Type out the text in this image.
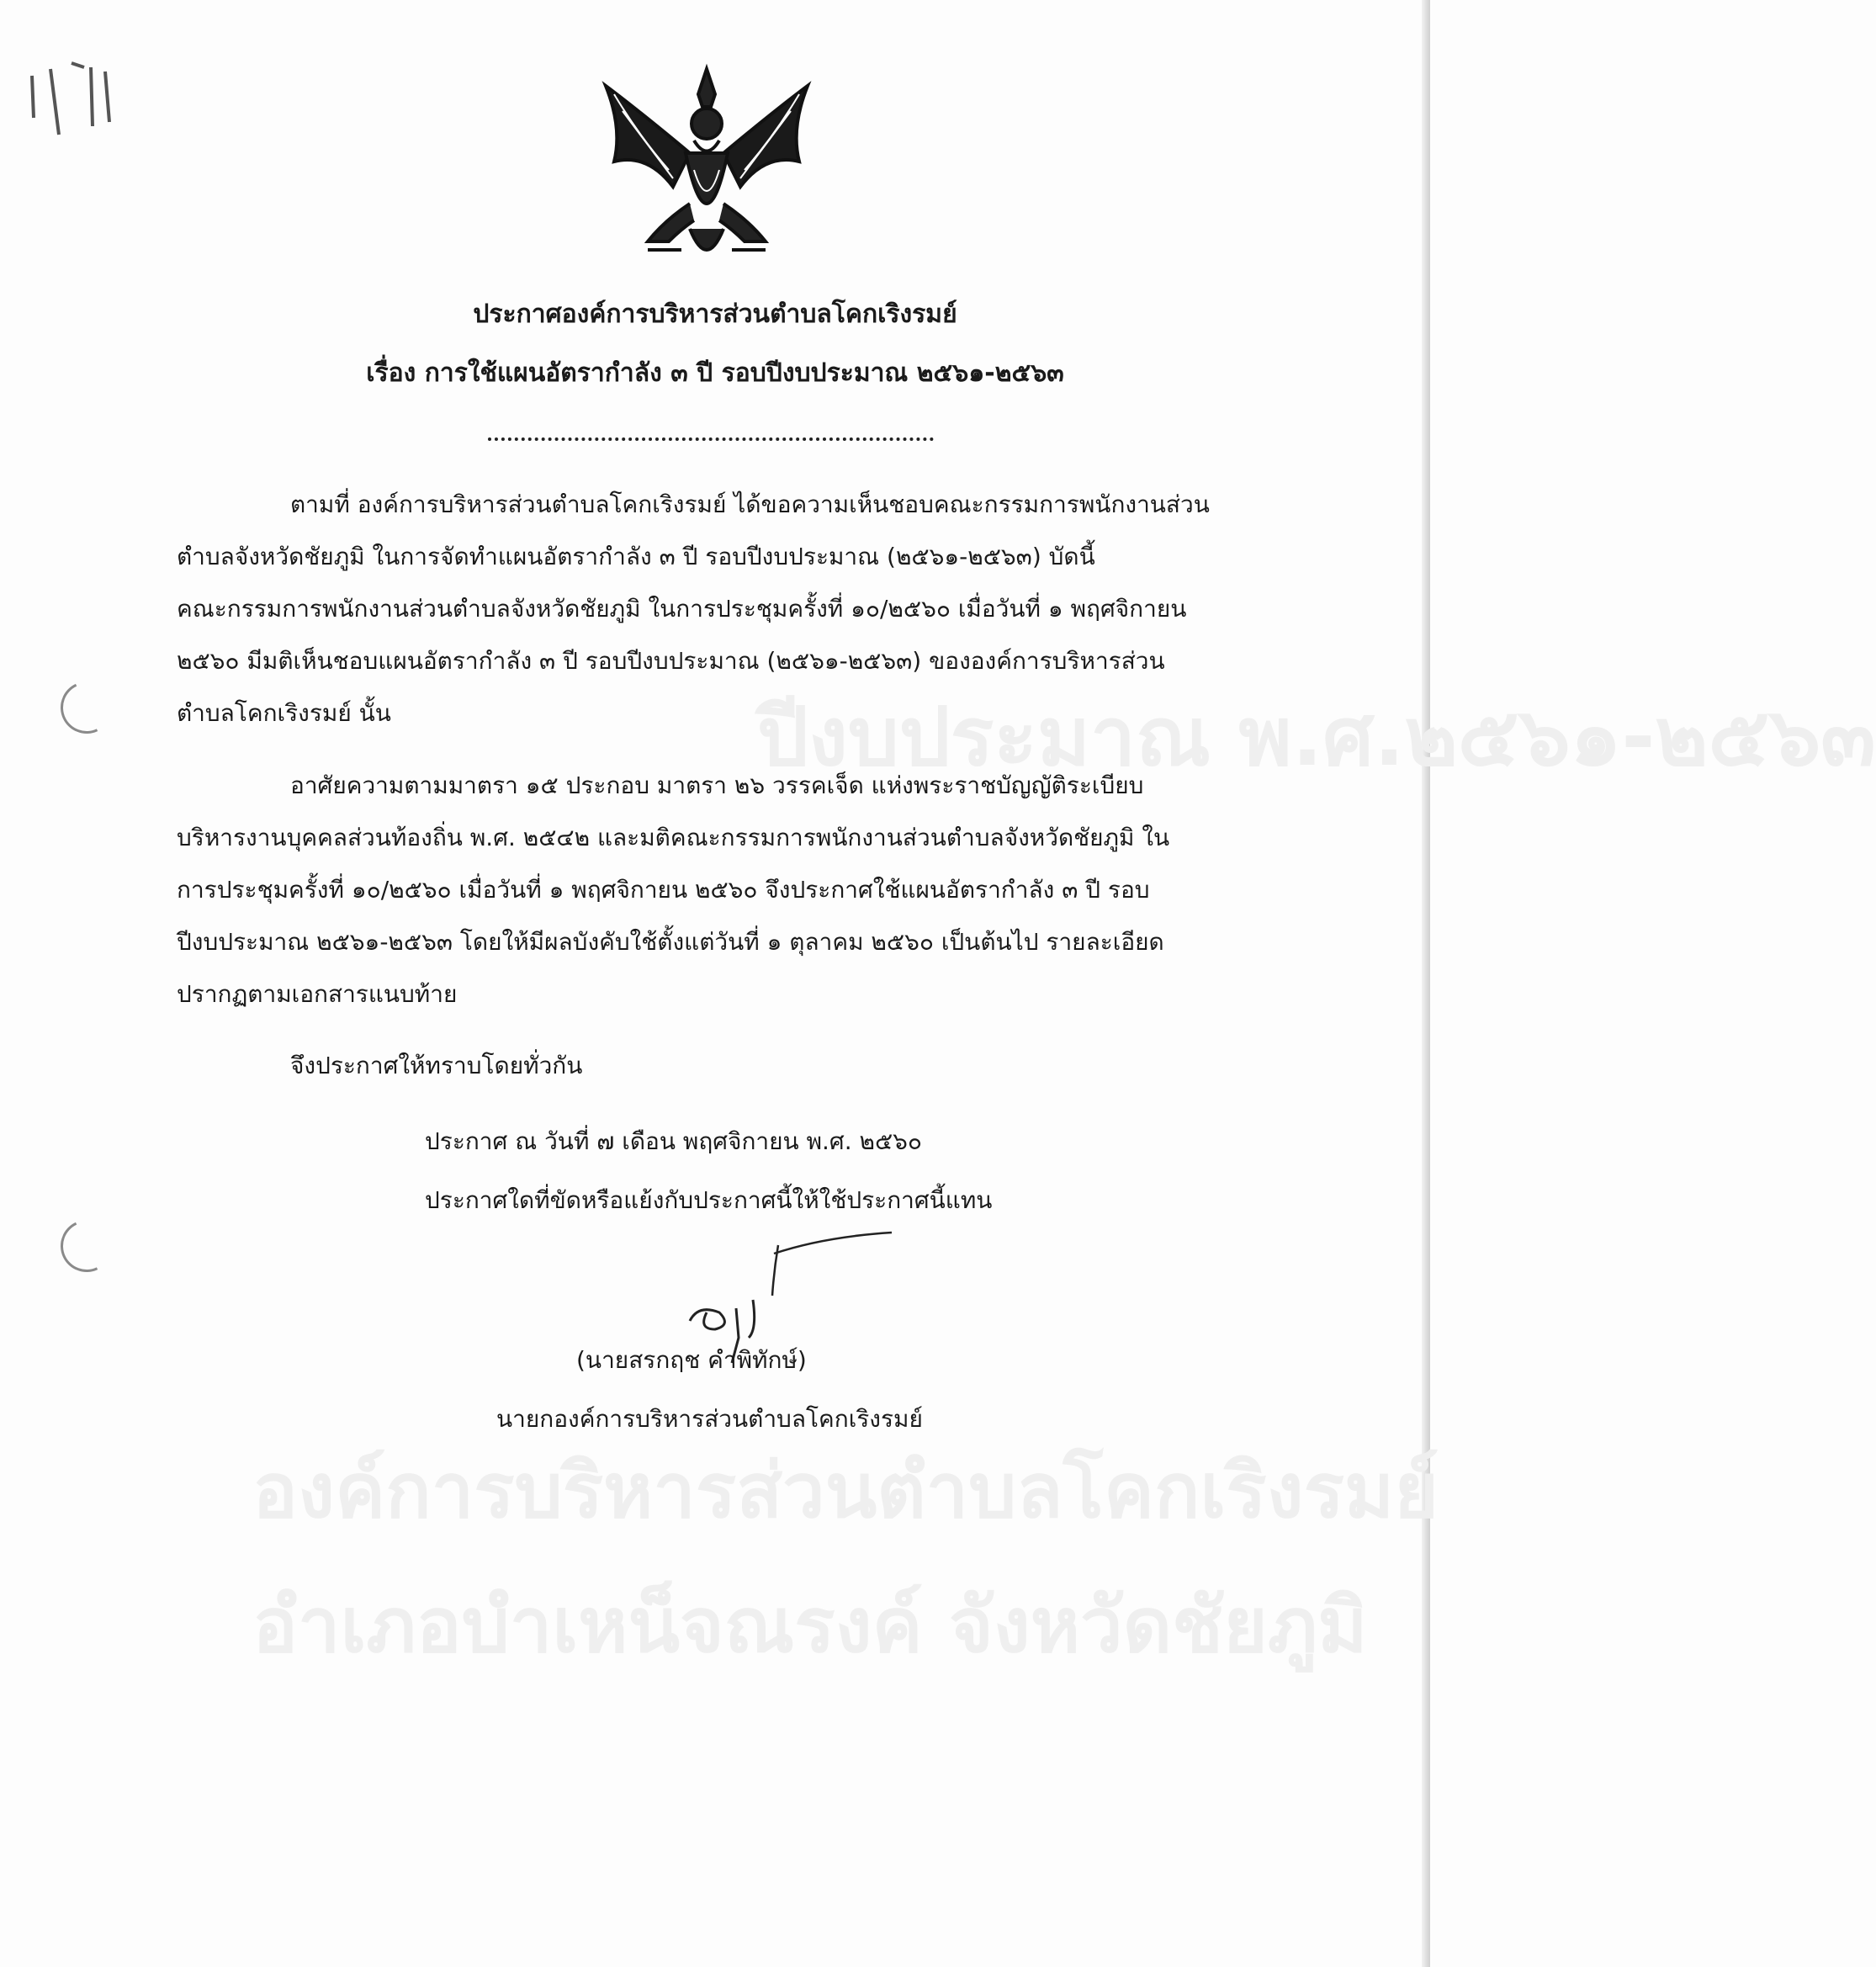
ปีงบประมาณ พ.ศ.๒๕๖๑-๒๕๖๓
องค์การบริหารส่วนตำบลโคกเริงรมย์
อำเภอบำเหน็จณรงค์ จังหวัดชัยภูมิ
ประกาศองค์การบริหารส่วนตำบลโคกเริงรมย์
เรื่อง การใช้แผนอัตรากำลัง ๓ ปี รอบปีงบประมาณ ๒๕๖๑-๒๕๖๓
ตามที่ องค์การบริหารส่วนตำบลโคกเริงรมย์ ได้ขอความเห็นชอบคณะกรรมการพนักงานส่วน
ตำบลจังหวัดชัยภูมิ ในการจัดทำแผนอัตรากำลัง ๓ ปี รอบปีงบประมาณ (๒๕๖๑-๒๕๖๓) บัดนี้
คณะกรรมการพนักงานส่วนตำบลจังหวัดชัยภูมิ ในการประชุมครั้งที่ ๑๐/๒๕๖๐ เมื่อวันที่ ๑ พฤศจิกายน
๒๕๖๐ มีมติเห็นชอบแผนอัตรากำลัง ๓ ปี รอบปีงบประมาณ (๒๕๖๑-๒๕๖๓) ขององค์การบริหารส่วน
ตำบลโคกเริงรมย์ นั้น
อาศัยความตามมาตรา ๑๕ ประกอบ มาตรา ๒๖ วรรคเจ็ด แห่งพระราชบัญญัติระเบียบ
บริหารงานบุคคลส่วนท้องถิ่น พ.ศ. ๒๕๔๒ และมติคณะกรรมการพนักงานส่วนตำบลจังหวัดชัยภูมิ ใน
การประชุมครั้งที่ ๑๐/๒๕๖๐ เมื่อวันที่ ๑ พฤศจิกายน ๒๕๖๐ จึงประกาศใช้แผนอัตรากำลัง ๓ ปี รอบ
ปีงบประมาณ ๒๕๖๑-๒๕๖๓ โดยให้มีผลบังคับใช้ตั้งแต่วันที่ ๑ ตุลาคม ๒๕๖๐ เป็นต้นไป รายละเอียด
ปรากฏตามเอกสารแนบท้าย
จึงประกาศให้ทราบโดยทั่วกัน
ประกาศ ณ วันที่ ๗ เดือน พฤศจิกายน พ.ศ. ๒๕๖๐
ประกาศใดที่ขัดหรือแย้งกับประกาศนี้ให้ใช้ประกาศนี้แทน
(นายสรกฤช คำพิทักษ์)
นายกองค์การบริหารส่วนตำบลโคกเริงรมย์
